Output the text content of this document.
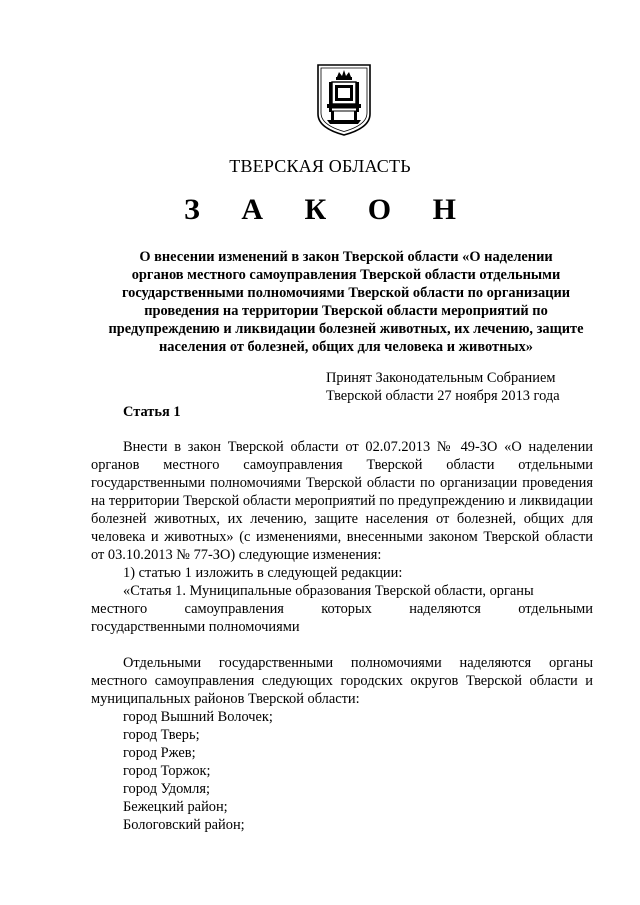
ТВЕРСКАЯ ОБЛАСТЬ
З А К О Н
О внесении изменений в закон Тверской области «О наделении
органов местного самоуправления Тверской области отдельными
государственными полномочиями Тверской области по организации
проведения на территории Тверской области мероприятий по
предупреждению и ликвидации болезней животных, их лечению, защите
населения от болезней, общих для человека и животных»
Принят Законодательным Собранием
Тверской области 27 ноября 2013 года
Статья 1

Внести в закон Тверской области от 02.07.2013 № 49-ЗО «О наделении органов местного самоуправления Тверской области отдельными государственными полномочиями Тверской области по организации проведения на территории Тверской области мероприятий по предупреждению и ликвидации болезней животных, их лечению, защите населения от болезней, общих для человека и животных» (с изменениями, внесенными законом Тверской области от 03.10.2013 № 77-ЗО) следующие изменения:

1) статью 1 изложить в следующей редакции:

«Статья 1. Муниципальные образования Тверской области, органы

местного	самоуправления	которых	наделяются	отдельными

государственными полномочиями

Отдельными государственными полномочиями наделяются органы местного самоуправления следующих городских округов Тверской области и муниципальных районов Тверской области:

город Вышний Волочек;
город Тверь;
город Ржев;
город Торжок;
город Удомля;
Бежецкий район;
Бологовский район;
